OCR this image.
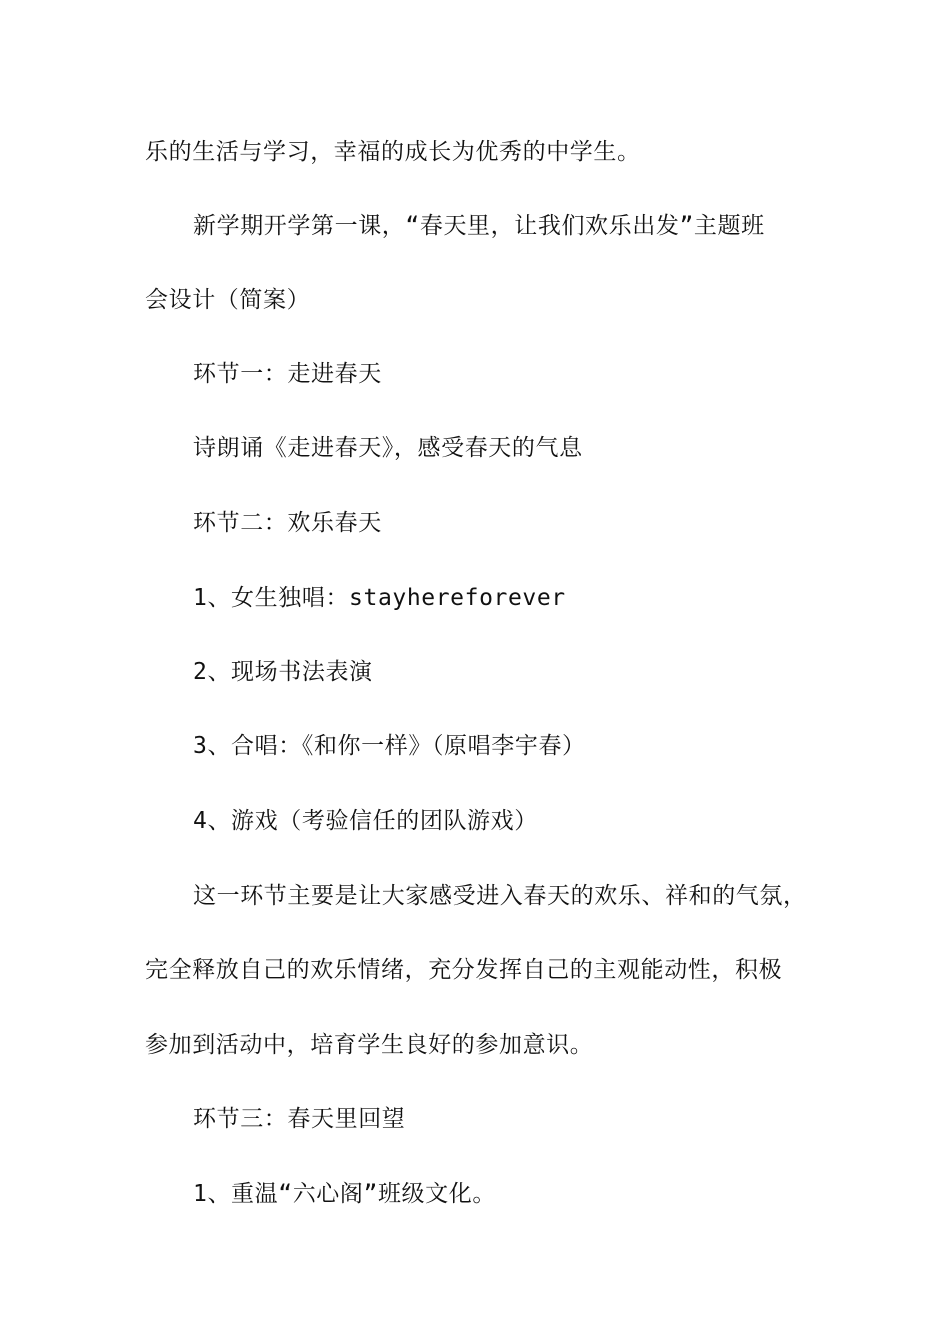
乐的生活与学习，幸福的成长为优秀的中学生。
新学期开学第一课，“春天里，让我们欢乐出发”主题班
会设计（简案）
环节一：走进春天
诗朗诵《走进春天》，感受春天的气息
环节二：欢乐春天
1、女生独唱：stayhereforever
2、现场书法表演
3、合唱：《和你一样》（原唱李宇春）
4、游戏（考验信任的团队游戏）
这一环节主要是让大家感受进入春天的欢乐、祥和的气氛，
完全释放自己的欢乐情绪，充分发挥自己的主观能动性，积极
参加到活动中，培育学生良好的参加意识。
环节三：春天里回望
1、重温“六心阁”班级文化。
